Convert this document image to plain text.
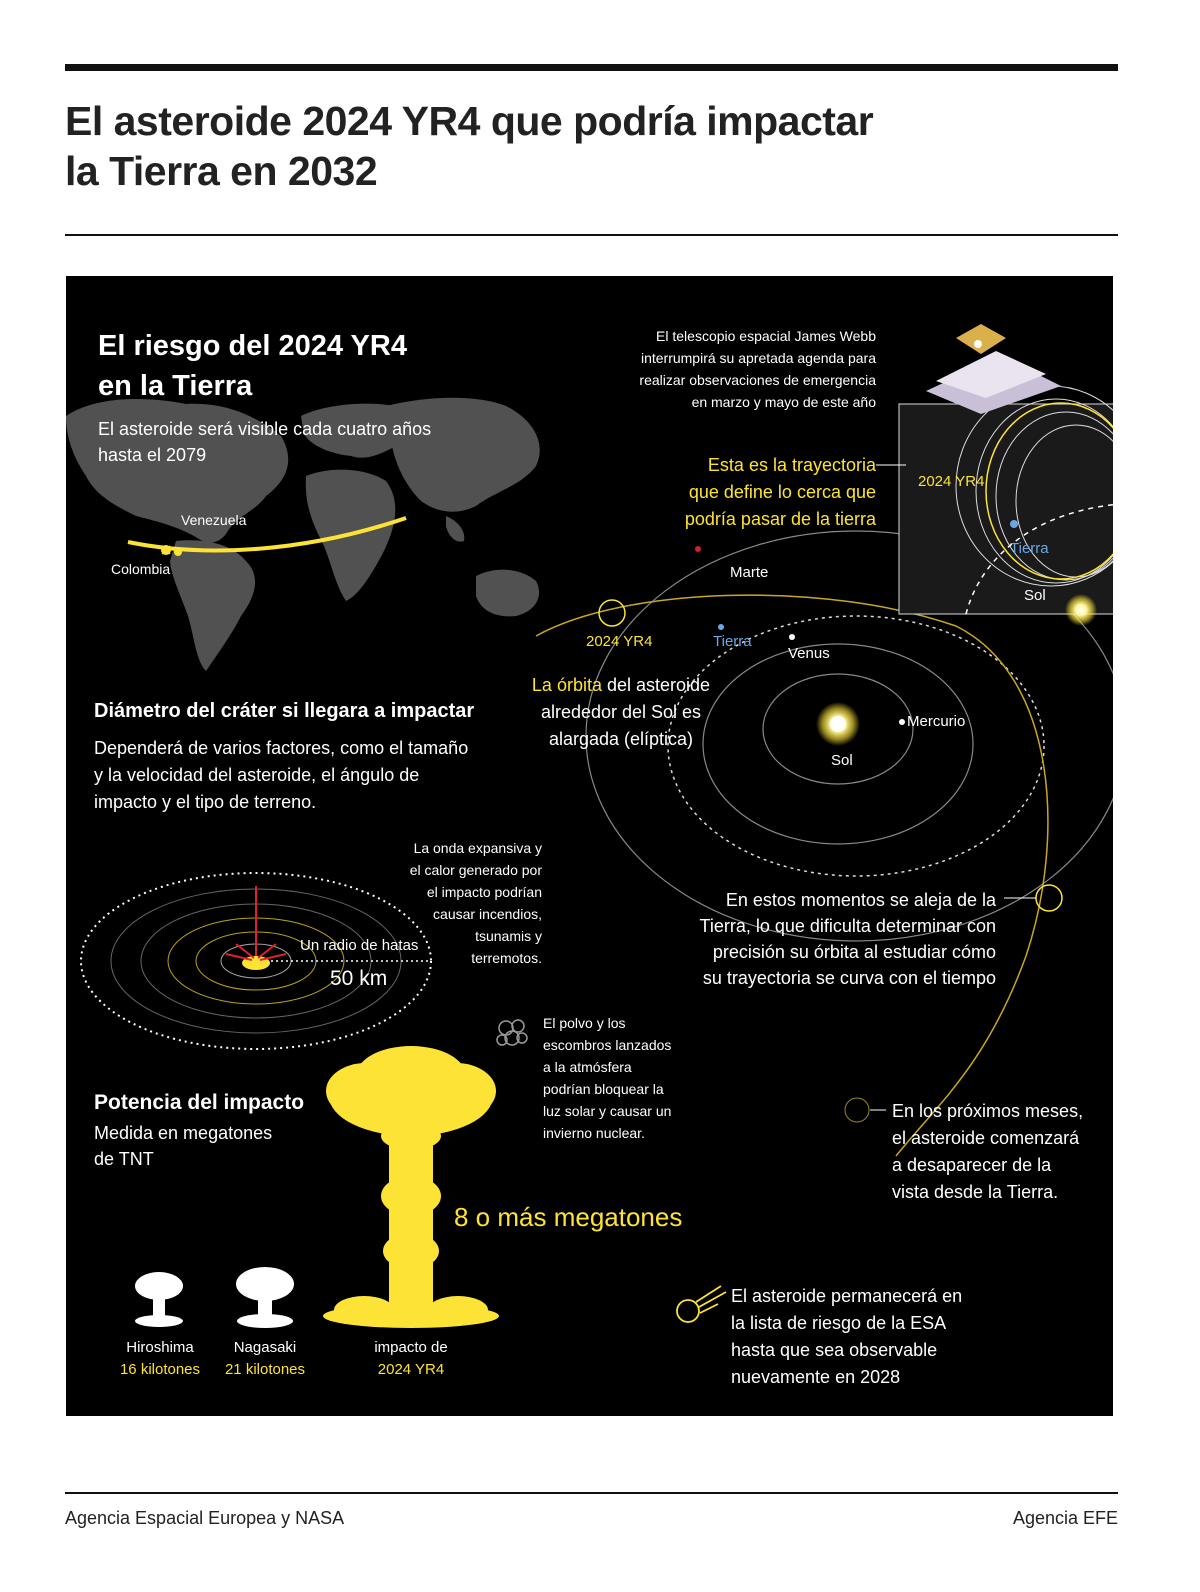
El asteroide 2024 YR4 que podría impactar
la Tierra en 2032
El riesgo del 2024 YR4
en la Tierra
El asteroide será visible cada cuatro años
hasta el 2079
Venezuela
Colombia
El telescopio espacial James Webb
interrumpirá su apretada agenda para
realizar observaciones de emergencia
en marzo y mayo de este año
Esta es la trayectoria
que define lo cerca que
podría pasar de la tierra
2024 YR4
Tierra
Sol
Marte
2024 YR4	Tierra
Venus
Mercurio
Sol
La órbita del asteroide
alrededor del Sol es
alargada (elíptica)
Diámetro del cráter si llegara a impactar
Dependerá de varios factores, como el tamaño
y la velocidad del asteroide, el ángulo de
impacto y el tipo de terreno.
Un radio de hatas
50 km
La onda expansiva y
el calor generado por
el impacto podrían
causar incendios,
tsunamis y
terremotos.
El polvo y los
escombros lanzados
a la atmósfera
podrían bloquear la
luz solar y causar un
invierno nuclear.
En estos momentos se aleja de la
Tierra, lo que dificulta determinar con
precisión su órbita al estudiar cómo
su trayectoria se curva con el tiempo
En los próximos meses,
el asteroide comenzará
a desaparecer de la
vista desde la Tierra.
Potencia del impacto
Medida en megatones
de TNT
8 o más megatones
Hiroshima
16 kilotones
Nagasaki
21 kilotones
impacto de
2024 YR4
El asteroide permanecerá en
la lista de riesgo de la ESA
hasta que sea observable
nuevamente en 2028
Agencia Espacial Europea y NASA	Agencia EFE
